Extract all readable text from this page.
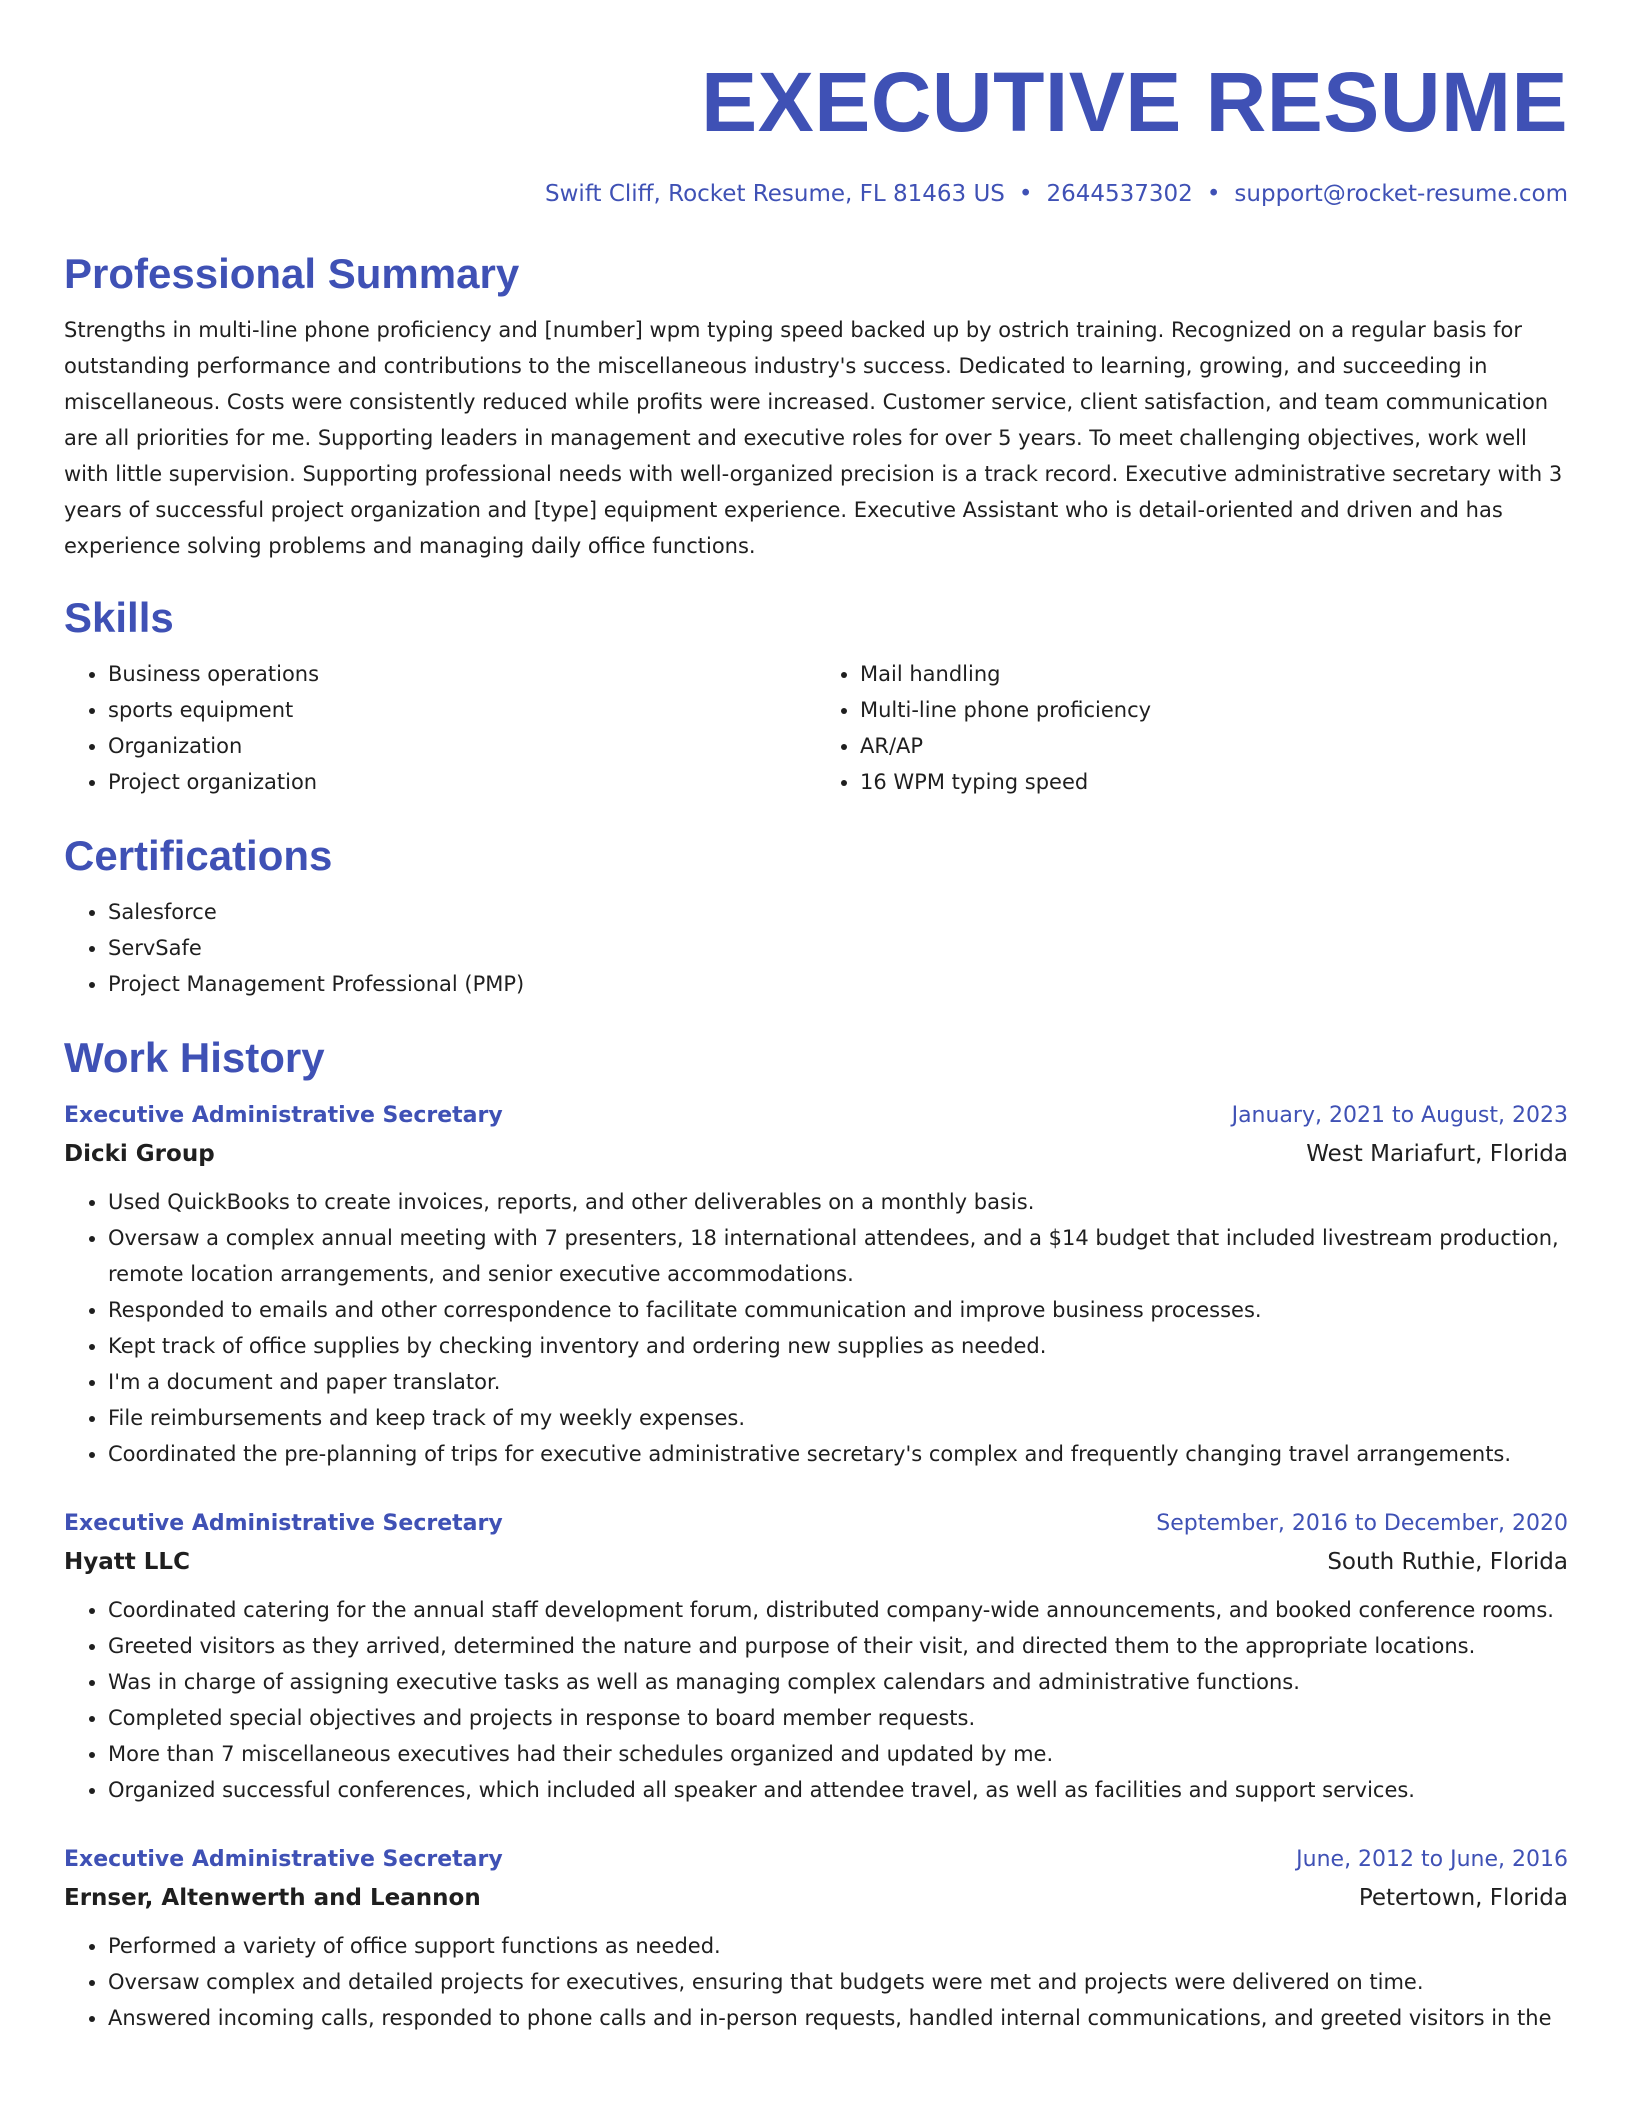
EXECUTIVE RESUME
Swift Cliff, Rocket Resume, FL 81463 US • 2644537302 • support@rocket-resume.com
Professional Summary
Strengths in multi-line phone proficiency and [number] wpm typing speed backed up by ostrich training. Recognized on a regular basis for outstanding performance and contributions to the miscellaneous industry's success. Dedicated to learning, growing, and succeeding in miscellaneous. Costs were consistently reduced while profits were increased. Customer service, client satisfaction, and team communication are all priorities for me. Supporting leaders in management and executive roles for over 5 years. To meet challenging objectives, work well with little supervision. Supporting professional needs with well-organized precision is a track record. Executive administrative secretary with 3 years of successful project organization and [type] equipment experience. Executive Assistant who is detail-oriented and driven and has experience solving problems and managing daily office functions.
Skills
• Business operations
• sports equipment
• Organization
• Project organization
• Mail handling
• Multi-line phone proficiency
• AR/AP
• 16 WPM typing speed
Certifications
• Salesforce
• ServSafe
• Project Management Professional (PMP)
Work History
Executive Administrative Secretary	January, 2021 to August, 2023
Dicki Group	West Mariafurt, Florida
• Used QuickBooks to create invoices, reports, and other deliverables on a monthly basis.
• Oversaw a complex annual meeting with 7 presenters, 18 international attendees, and a $14 budget that included livestream production, remote location arrangements, and senior executive accommodations.
• Responded to emails and other correspondence to facilitate communication and improve business processes.
• Kept track of office supplies by checking inventory and ordering new supplies as needed.
• I'm a document and paper translator.
• File reimbursements and keep track of my weekly expenses.
• Coordinated the pre-planning of trips for executive administrative secretary's complex and frequently changing travel arrangements.
Executive Administrative Secretary	September, 2016 to December, 2020
Hyatt LLC	South Ruthie, Florida
• Coordinated catering for the annual staff development forum, distributed company-wide announcements, and booked conference rooms.
• Greeted visitors as they arrived, determined the nature and purpose of their visit, and directed them to the appropriate locations.
• Was in charge of assigning executive tasks as well as managing complex calendars and administrative functions.
• Completed special objectives and projects in response to board member requests.
• More than 7 miscellaneous executives had their schedules organized and updated by me.
• Organized successful conferences, which included all speaker and attendee travel, as well as facilities and support services.
Executive Administrative Secretary	June, 2012 to June, 2016
Ernser, Altenwerth and Leannon	Petertown, Florida
• Performed a variety of office support functions as needed.
• Oversaw complex and detailed projects for executives, ensuring that budgets were met and projects were delivered on time.
• Answered incoming calls, responded to phone calls and in-person requests, handled internal communications, and greeted visitors in the
